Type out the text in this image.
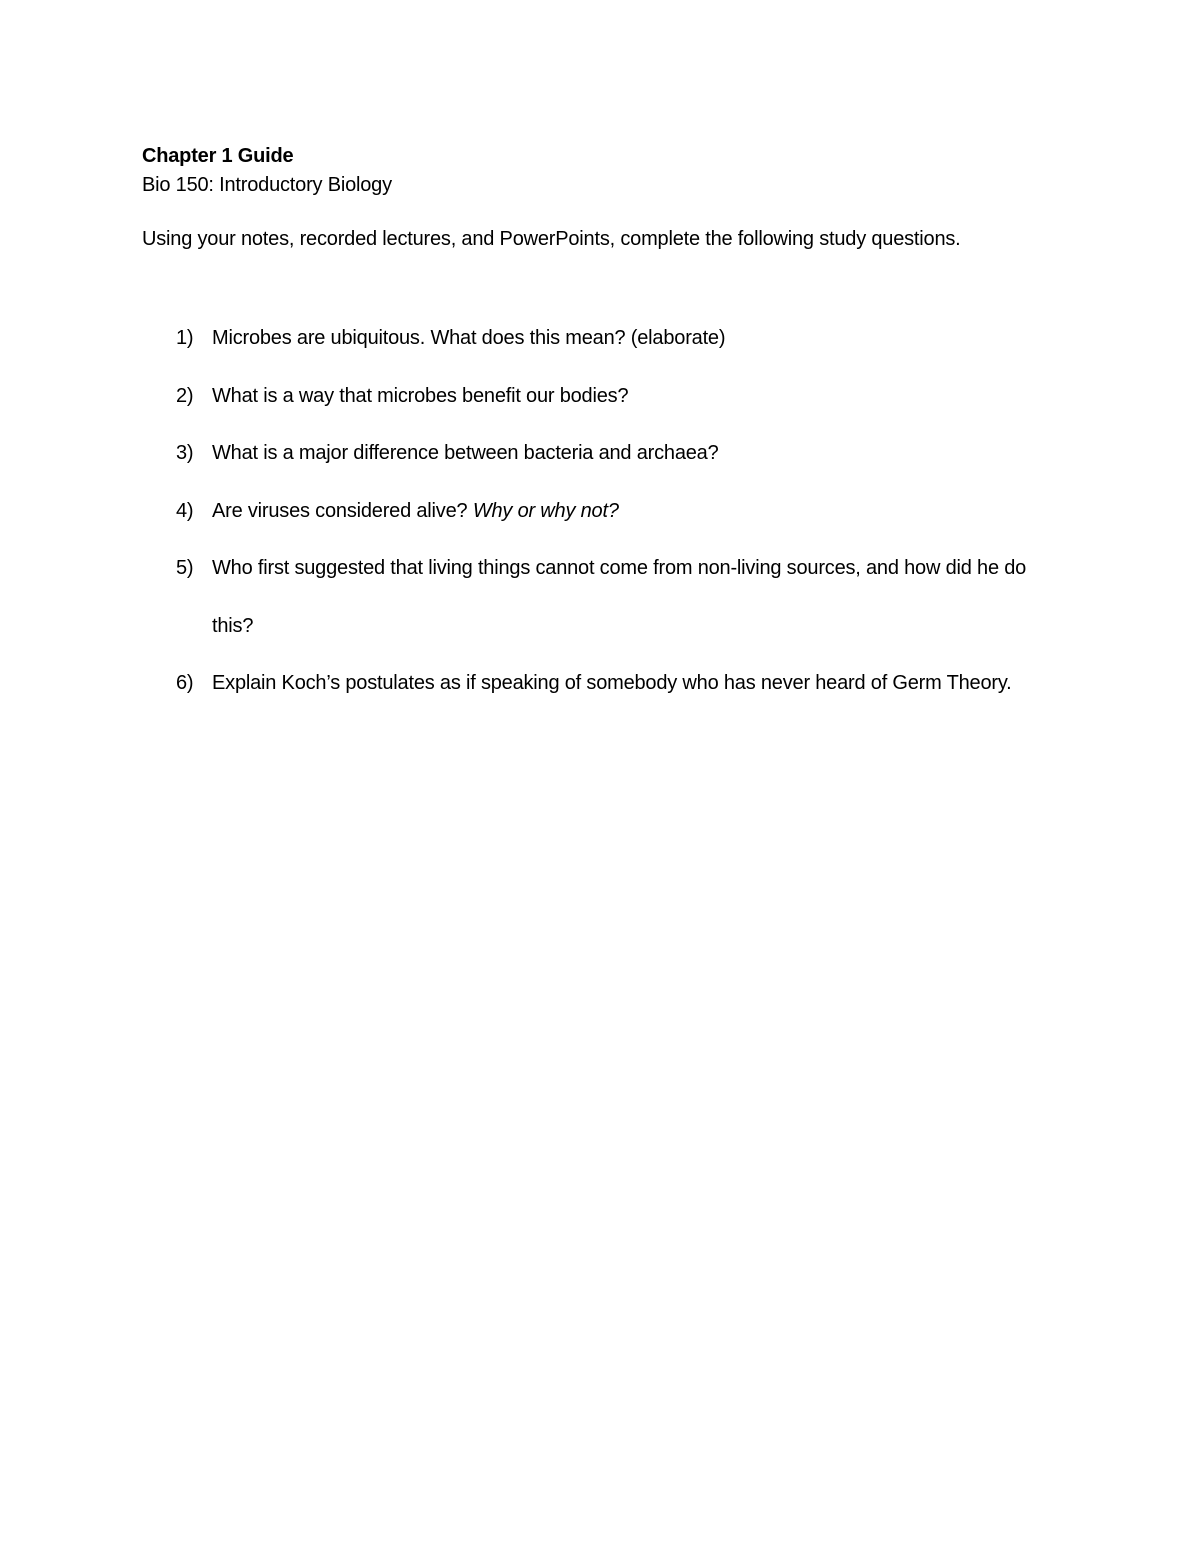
Chapter 1 Guide

Bio 150: Introductory Biology

Using your notes, recorded lectures, and PowerPoints, complete the following study questions.

1) Microbes are ubiquitous. What does this mean? (elaborate)
2) What is a way that microbes benefit our bodies?
3) What is a major difference between bacteria and archaea?
4) Are viruses considered alive? Why or why not?
5) Who first suggested that living things cannot come from non-living sources, and how did he do this?
6) Explain Koch’s postulates as if speaking of somebody who has never heard of Germ Theory.
